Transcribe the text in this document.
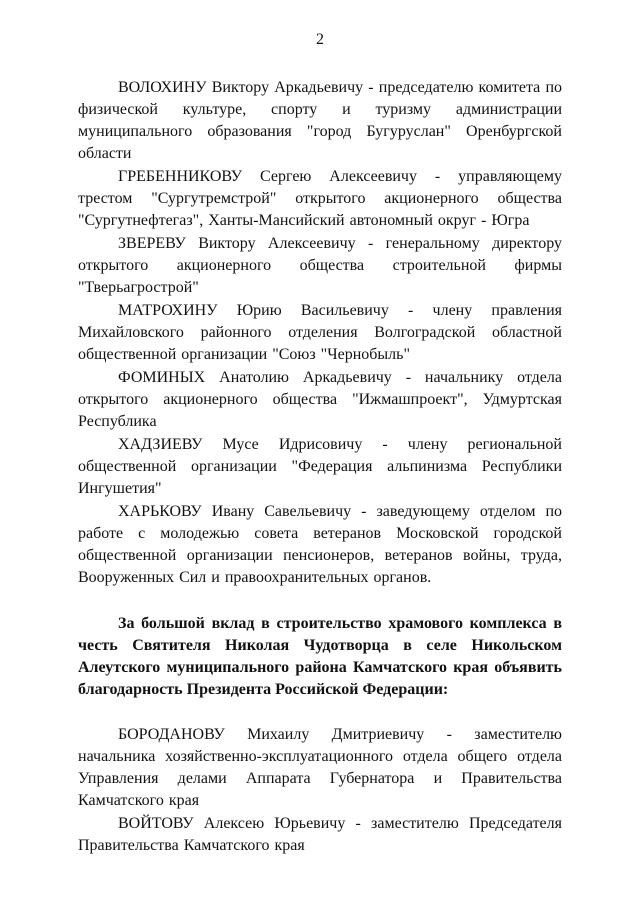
2

ВОЛОХИНУ Виктору Аркадьевичу - председателю комитета по физической культуре, спорту и туризму администрации муниципального образования "город Бугуруслан" Оренбургской области

ГРЕБЕННИКОВУ Сергею Алексеевичу - управляющему трестом "Сургутремстрой" открытого акционерного общества "Сургутнефтегаз", Ханты-Мансийский автономный округ - Югра

ЗВЕРЕВУ Виктору Алексеевичу - генеральному директору открытого акционерного общества строительной фирмы "Тверьагрострой"

МАТРОХИНУ Юрию Васильевичу - члену правления Михайловского районного отделения Волгоградской областной общественной организации "Союз "Чернобыль"

ФОМИНЫХ Анатолию Аркадьевичу - начальнику отдела открытого акционерного общества "Ижмашпроект", Удмуртская Республика

ХАДЗИЕВУ Мусе Идрисовичу - члену региональной общественной организации "Федерация альпинизма Республики Ингушетия"

ХАРЬКОВУ Ивану Савельевичу - заведующему отделом по работе с молодежью совета ветеранов Московской городской общественной организации пенсионеров, ветеранов войны, труда, Вооруженных Сил и правоохранительных органов.

За большой вклад в строительство храмового комплекса в честь Святителя Николая Чудотворца в селе Никольском Алеутского муниципального района Камчатского края объявить благодарность Президента Российской Федерации:

БОРОДАНОВУ Михаилу Дмитриевичу - заместителю начальника хозяйственно-эксплуатационного отдела общего отдела Управления делами Аппарата Губернатора и Правительства Камчатского края

ВОЙТОВУ Алексею Юрьевичу - заместителю Председателя Правительства Камчатского края
